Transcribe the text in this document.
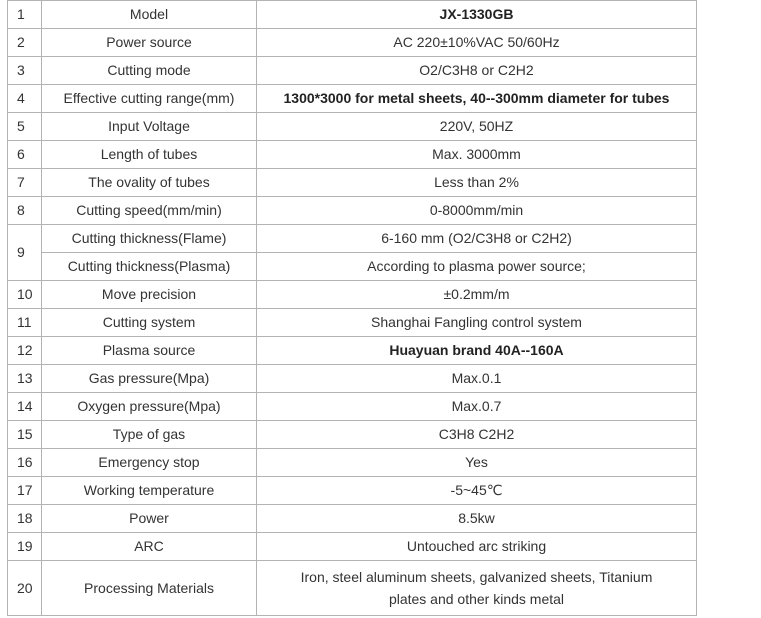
1	Model	JX-1330GB
2	Power source	AC 220±10%VAC 50/60Hz
3	Cutting mode	O2/C3H8 or C2H2
4	Effective cutting range(mm)	1300*3000 for metal sheets, 40--300mm diameter for tubes
5	Input Voltage	220V, 50HZ
6	Length of tubes	Max. 3000mm
7	The ovality of tubes	Less than 2%
8	Cutting speed(mm/min)	0-8000mm/min
9	Cutting thickness(Flame)	6-160 mm (O2/C3H8 or C2H2)
	Cutting thickness(Plasma)	According to plasma power source;
10	Move precision	±0.2mm/m
11	Cutting system	Shanghai Fangling control system
12	Plasma source	Huayuan brand 40A--160A
13	Gas pressure(Mpa)	Max.0.1
14	Oxygen pressure(Mpa)	Max.0.7
15	Type of gas	C3H8 C2H2
16	Emergency stop	Yes
17	Working temperature	-5~45℃
18	Power	8.5kw
19	ARC	Untouched arc striking
20	Processing Materials	Iron, steel aluminum sheets, galvanized sheets, Titanium
plates and other kinds metal
